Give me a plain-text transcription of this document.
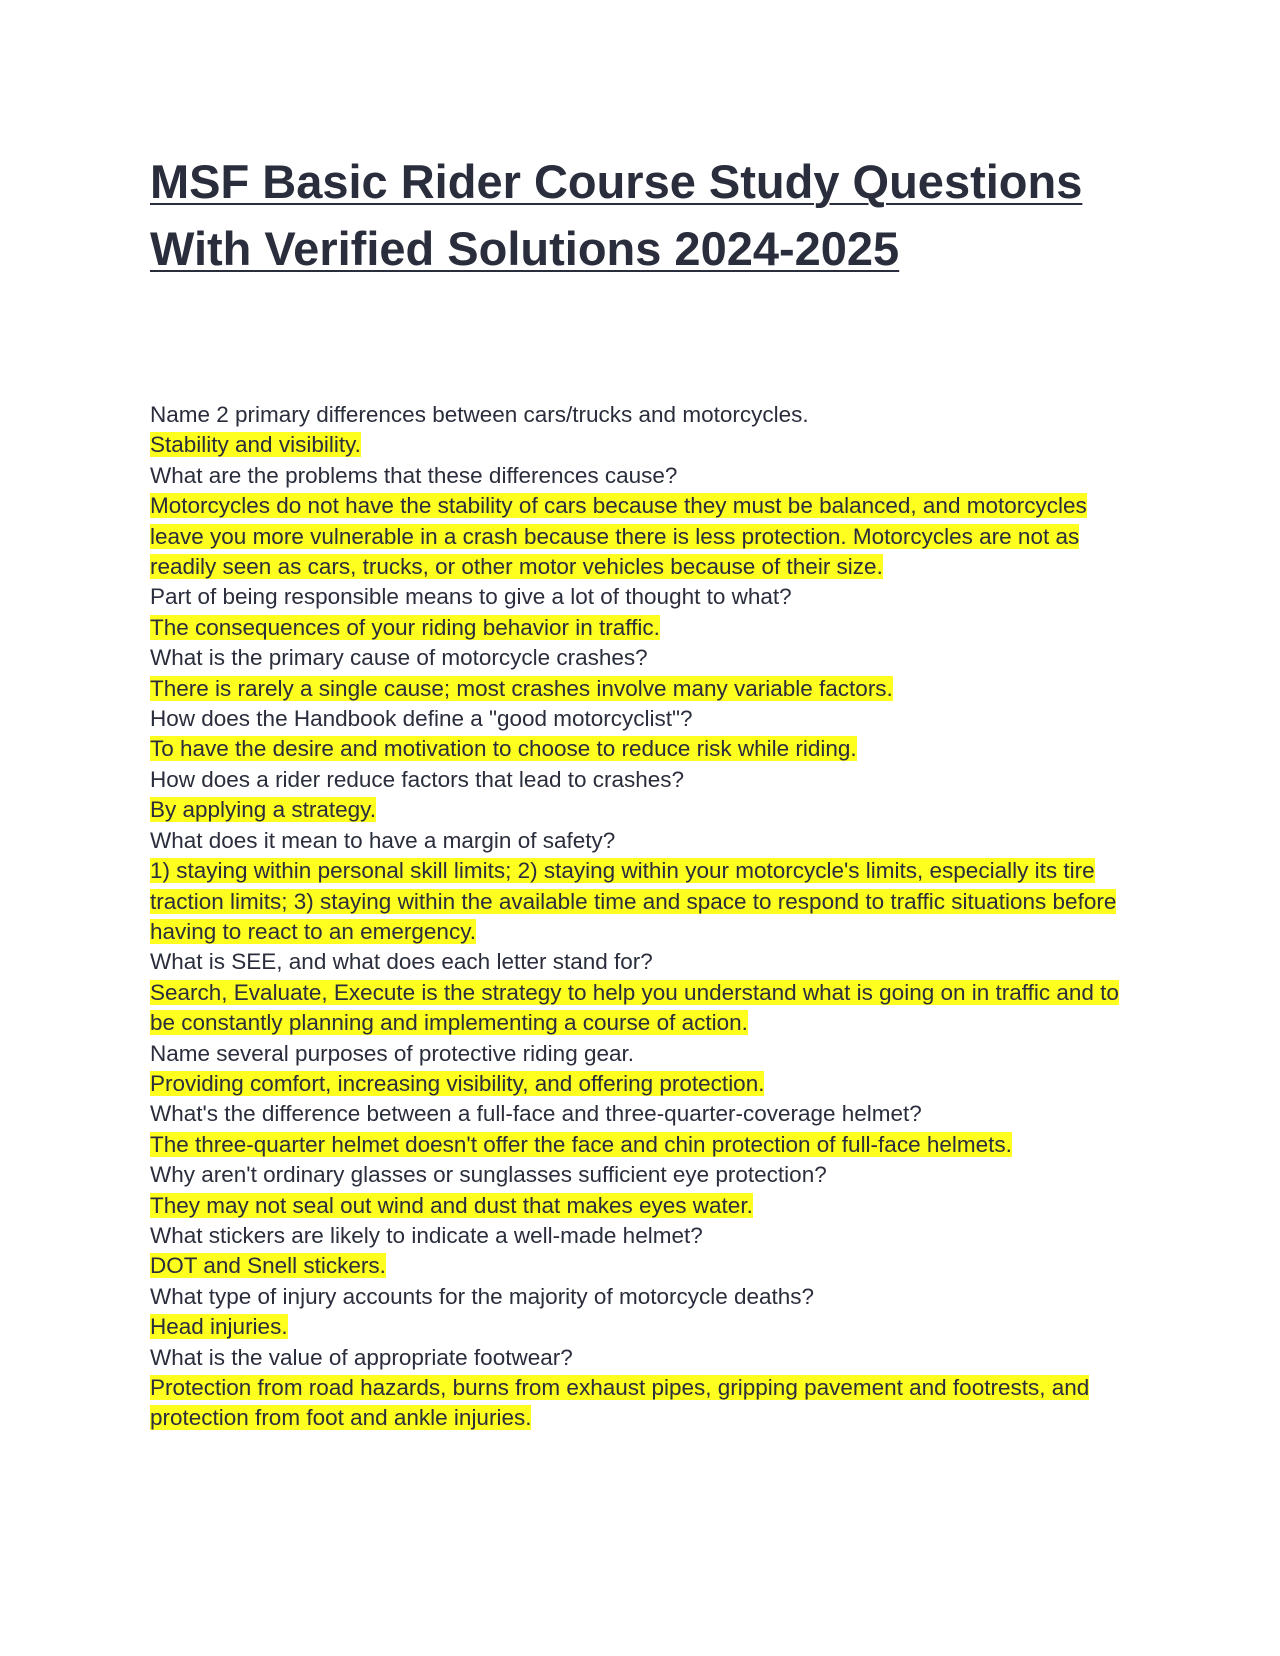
MSF Basic Rider Course Study Questions With Verified Solutions 2024-2025
Name 2 primary differences between cars/trucks and motorcycles.
Stability and visibility.
What are the problems that these differences cause?
Motorcycles do not have the stability of cars because they must be balanced, and motorcycles leave you more vulnerable in a crash because there is less protection. Motorcycles are not as readily seen as cars, trucks, or other motor vehicles because of their size.
Part of being responsible means to give a lot of thought to what?
The consequences of your riding behavior in traffic.
What is the primary cause of motorcycle crashes?
There is rarely a single cause; most crashes involve many variable factors.
How does the Handbook define a "good motorcyclist"?
To have the desire and motivation to choose to reduce risk while riding.
How does a rider reduce factors that lead to crashes?
By applying a strategy.
What does it mean to have a margin of safety?
1) staying within personal skill limits; 2) staying within your motorcycle's limits, especially its tire traction limits; 3) staying within the available time and space to respond to traffic situations before having to react to an emergency.
What is SEE, and what does each letter stand for?
Search, Evaluate, Execute is the strategy to help you understand what is going on in traffic and to be constantly planning and implementing a course of action.
Name several purposes of protective riding gear.
Providing comfort, increasing visibility, and offering protection.
What's the difference between a full-face and three-quarter-coverage helmet?
The three-quarter helmet doesn't offer the face and chin protection of full-face helmets.
Why aren't ordinary glasses or sunglasses sufficient eye protection?
They may not seal out wind and dust that makes eyes water.
What stickers are likely to indicate a well-made helmet?
DOT and Snell stickers.
What type of injury accounts for the majority of motorcycle deaths?
Head injuries.
What is the value of appropriate footwear?
Protection from road hazards, burns from exhaust pipes, gripping pavement and footrests, and protection from foot and ankle injuries.
